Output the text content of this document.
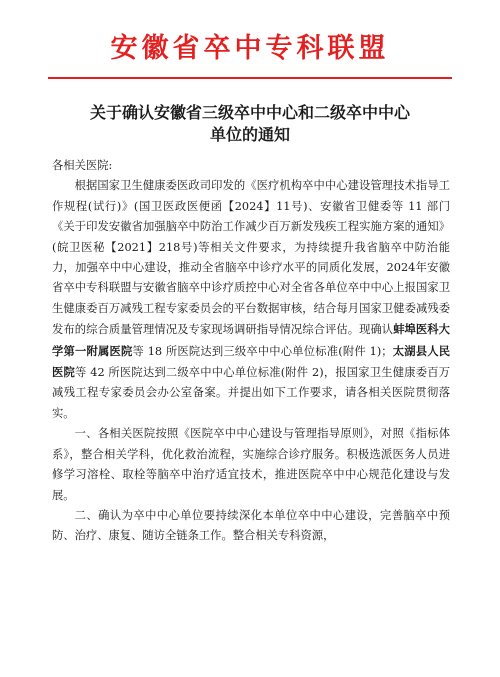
安徽省卒中专科联盟
关于确认安徽省三级卒中中心和二级卒中中心
单位的通知

各相关医院:

根据国家卫生健康委医政司印发的《医疗机构卒中中心建设管理技术指导工作规程(试行)》(国卫医政医便函【2024】11号)、安徽省卫健委等 11 部门《关于印发安徽省加强脑卒中防治工作减少百万新发残疾工程实施方案的通知》(皖卫医秘【2021】218号)等相关文件要求，为持续提升我省脑卒中防治能力，加强卒中中心建设，推动全省脑卒中诊疗水平的同质化发展，2024年安徽省卒中专科联盟与安徽省脑卒中诊疗质控中心对全省各单位卒中中心上报国家卫生健康委百万减残工程专家委员会的平台数据审核，结合每月国家卫健委减残委发布的综合质量管理情况及专家现场调研指导情况综合评估。现确认蚌埠医科大学第一附属医院等 18 所医院达到三级卒中中心单位标准(附件 1)；太湖县人民医院等 42 所医院达到二级卒中中心单位标准(附件 2)，报国家卫生健康委百万减残工程专家委员会办公室备案。并提出如下工作要求，请各相关医院贯彻落实。

一、各相关医院按照《医院卒中中心建设与管理指导原则》，对照《指标体系》，整合相关学科，优化救治流程，实施综合诊疗服务。积极选派医务人员进修学习溶栓、取栓等脑卒中治疗适宜技术，推进医院卒中中心规范化建设与发展。

二、确认为卒中中心单位要持续深化本单位卒中中心建设，完善脑卒中预防、治疗、康复、随访全链条工作。整合相关专科资源，
